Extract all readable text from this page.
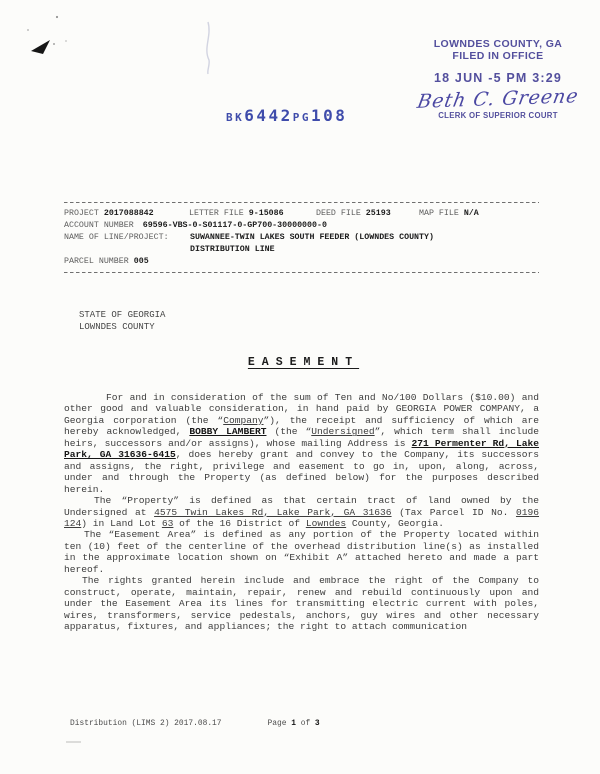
LOWNDES COUNTY, GA
FILED IN OFFICE
18 JUN -5 PM 3:29
Beth C. Greene
CLERK OF SUPERIOR COURT
BK6442PG108
PROJECT 2017088842	LETTER FILE 9-15086	DEED FILE 25193	MAP FILE N/A
ACCOUNT NUMBER 69596-VBS-0-S01117-0-GP700-30000000-0
NAME OF LINE/PROJECT:	SUWANNEE-TWIN LAKES SOUTH FEEDER (LOWNDES COUNTY)
DISTRIBUTION LINE
PARCEL NUMBER 005
STATE OF GEORGIA
LOWNDES COUNTY
EASEMENT

For and in consideration of the sum of Ten and No/100 Dollars ($10.00) and other good and valuable consideration, in hand paid by GEORGIA POWER COMPANY, a Georgia corporation (the “Company”), the receipt and sufficiency of which are hereby acknowledged, BOBBY LAMBERT (the “Undersigned”, which term shall include heirs, successors and/or assigns), whose mailing Address is 271 Permenter Rd, Lake Park, GA 31636-6415, does hereby grant and convey to the Company, its successors and assigns, the right, privilege and easement to go in, upon, along, across, under and through the Property (as defined below) for the purposes described herein.

The “Property” is defined as that certain tract of land owned by the Undersigned at 4575 Twin Lakes Rd, Lake Park, GA 31636 (Tax Parcel ID No. 0196 124) in Land Lot 63 of the 16 District of Lowndes County, Georgia.

The “Easement Area” is defined as any portion of the Property located within ten (10) feet of the centerline of the overhead distribution line(s) as installed in the approximate location shown on “Exhibit A” attached hereto and made a part hereof.

The rights granted herein include and embrace the right of the Company to construct, operate, maintain, repair, renew and rebuild continuously upon and under the Easement Area its lines for transmitting electric current with poles, wires, transformers, service pedestals, anchors, guy wires and other necessary apparatus, fixtures, and appliances; the right to attach communication

Distribution (LIMS 2) 2017.08.17	Page 1 of 3
